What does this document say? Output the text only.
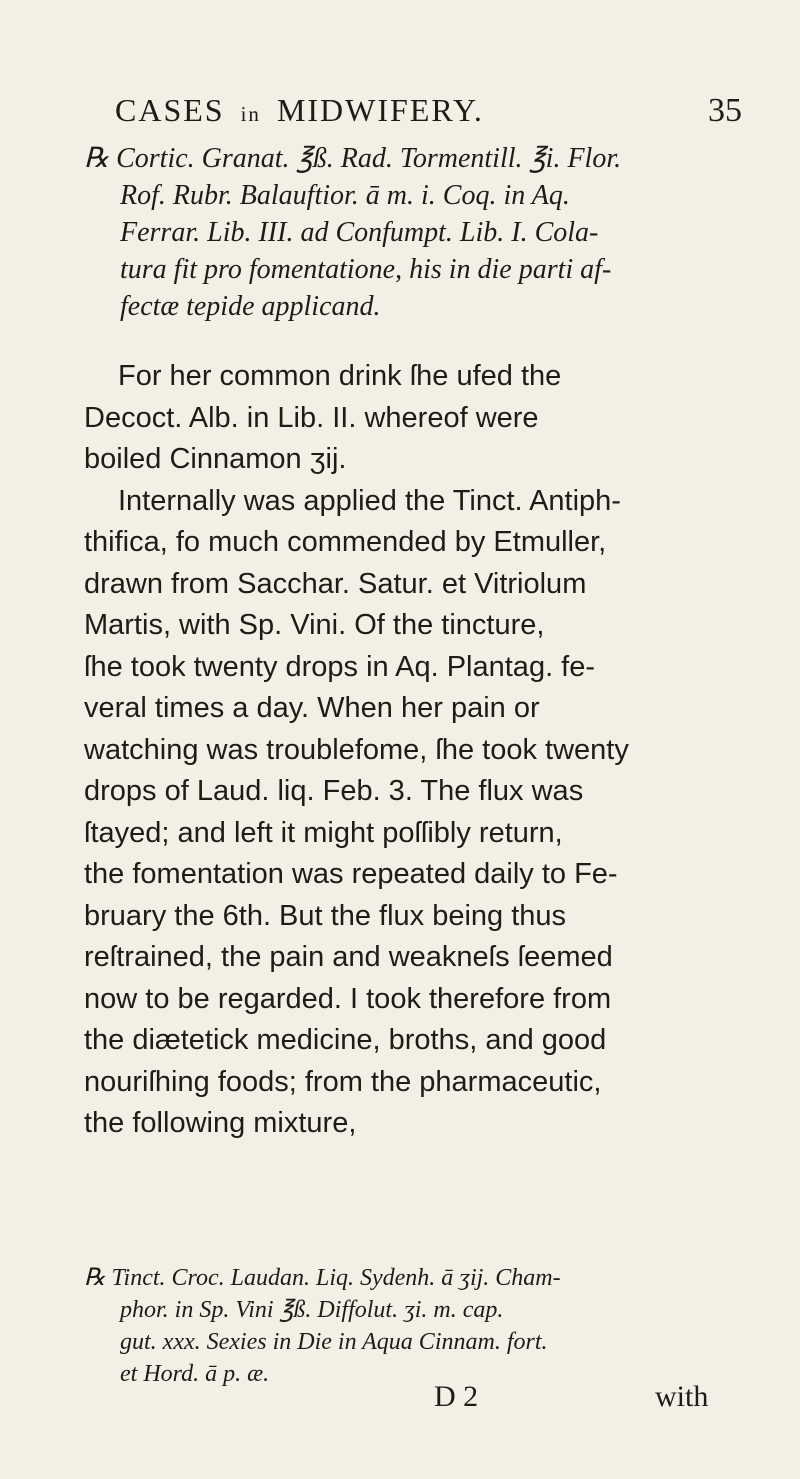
CASES in MIDWIFERY.	35
℞ Cortic. Granat. ℥ß. Rad. Tormentill. ℥i. Flor.
Rof. Rubr. Balauftior. ā m. i. Coq. in Aq.
Ferrar. Lib. III. ad Confumpt. Lib. I. Cola-
tura fit pro fomentatione, his in die parti af-
fectæ tepide applicand.
For her common drink ſhe ufed the
Decoct. Alb. in Lib. II. whereof were
boiled Cinnamon ʒij.
Internally was applied the Tinct. Antiph-
thifica, fo much commended by Etmuller,
drawn from Sacchar. Satur. et Vitriolum
Martis, with Sp. Vini. Of the tincture,
ſhe took twenty drops in Aq. Plantag. fe-
veral times a day. When her pain or
watching was troublefome, ſhe took twenty
drops of Laud. liq. Feb. 3. The flux was
ſtayed; and left it might poſſibly return,
the fomentation was repeated daily to Fe-
bruary the 6th. But the flux being thus
reſtrained, the pain and weakneſs ſeemed
now to be regarded. I took therefore from
the diætetick medicine, broths, and good
nouriſhing foods; from the pharmaceutic,
the following mixture,
℞ Tinct. Croc. Laudan. Liq. Sydenh. ā ʒij. Cham-
phor. in Sp. Vini ℥ß. Diffolut. ʒi. m. cap.
gut. xxx. Sexies in Die in Aqua Cinnam. fort.
et Hord. ā p. æ.
D 2	with
